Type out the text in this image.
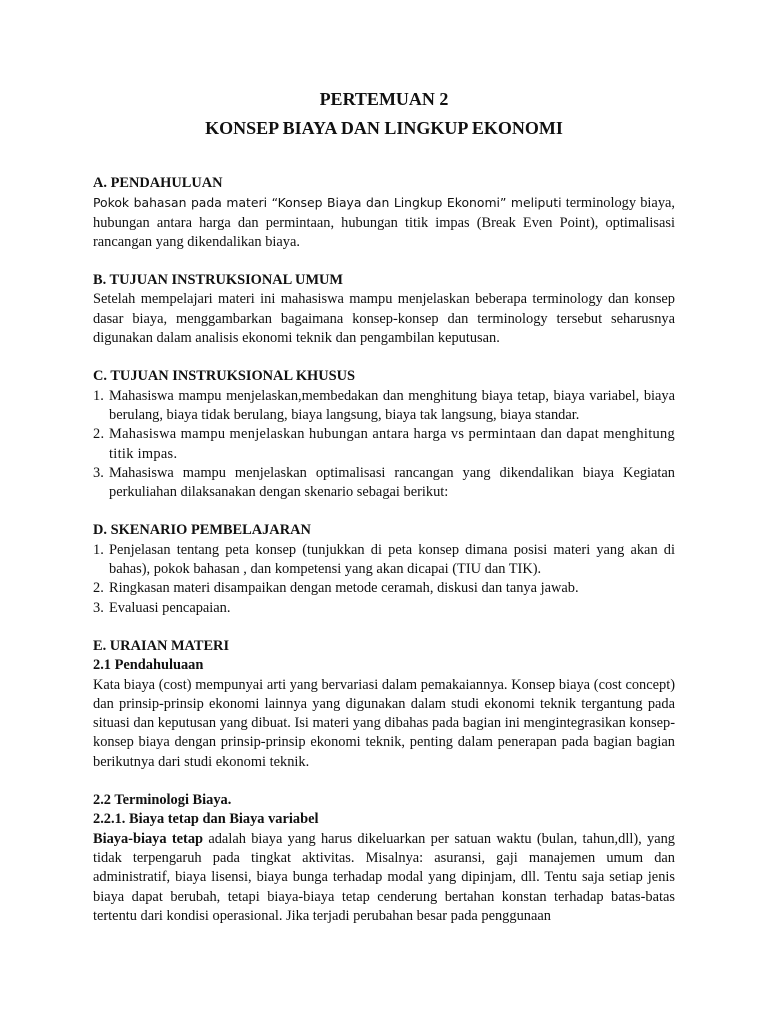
PERTEMUAN 2
KONSEP BIAYA DAN LINGKUP EKONOMI
A. PENDAHULUAN
Pokok bahasan pada materi “Konsep Biaya dan Lingkup Ekonomi” meliputi terminology biaya, hubungan antara harga dan permintaan, hubungan titik impas (Break Even Point), optimalisasi rancangan yang dikendalikan biaya.
B. TUJUAN INSTRUKSIONAL UMUM
Setelah mempelajari materi ini mahasiswa mampu menjelaskan beberapa terminology dan konsep dasar biaya, menggambarkan bagaimana konsep-konsep dan terminology tersebut seharusnya digunakan dalam analisis ekonomi teknik dan pengambilan keputusan.
C. TUJUAN INSTRUKSIONAL KHUSUS
1. Mahasiswa mampu menjelaskan,membedakan dan menghitung biaya tetap, biaya variabel, biaya berulang, biaya tidak berulang, biaya langsung, biaya tak langsung, biaya standar.
2. Mahasiswa mampu menjelaskan hubungan antara harga vs permintaan dan dapat menghitung titik impas.
3. Mahasiswa mampu menjelaskan optimalisasi rancangan yang dikendalikan biaya Kegiatan perkuliahan dilaksanakan dengan skenario sebagai berikut:
D. SKENARIO PEMBELAJARAN
1. Penjelasan tentang peta konsep (tunjukkan di peta konsep dimana posisi materi yang akan di bahas), pokok bahasan , dan kompetensi yang akan dicapai (TIU dan TIK).
2. Ringkasan materi disampaikan dengan metode ceramah, diskusi dan tanya jawab.
3. Evaluasi pencapaian.
E. URAIAN MATERI
2.1 Pendahuluaan
Kata biaya (cost) mempunyai arti yang bervariasi dalam pemakaiannya. Konsep biaya (cost concept) dan prinsip-prinsip ekonomi lainnya yang digunakan dalam studi ekonomi teknik tergantung pada situasi dan keputusan yang dibuat. Isi materi yang dibahas pada bagian ini mengintegrasikan konsep-konsep biaya dengan prinsip-prinsip ekonomi teknik, penting dalam penerapan pada bagian bagian berikutnya dari studi ekonomi teknik.
2.2 Terminologi Biaya.
2.2.1. Biaya tetap dan Biaya variabel
Biaya-biaya tetap adalah biaya yang harus dikeluarkan per satuan waktu (bulan, tahun,dll), yang tidak terpengaruh pada tingkat aktivitas. Misalnya: asuransi, gaji manajemen umum dan administratif, biaya lisensi, biaya bunga terhadap modal yang dipinjam, dll. Tentu saja setiap jenis biaya dapat berubah, tetapi biaya-biaya tetap cenderung bertahan konstan terhadap batas-batas tertentu dari kondisi operasional. Jika terjadi perubahan besar pada penggunaan
